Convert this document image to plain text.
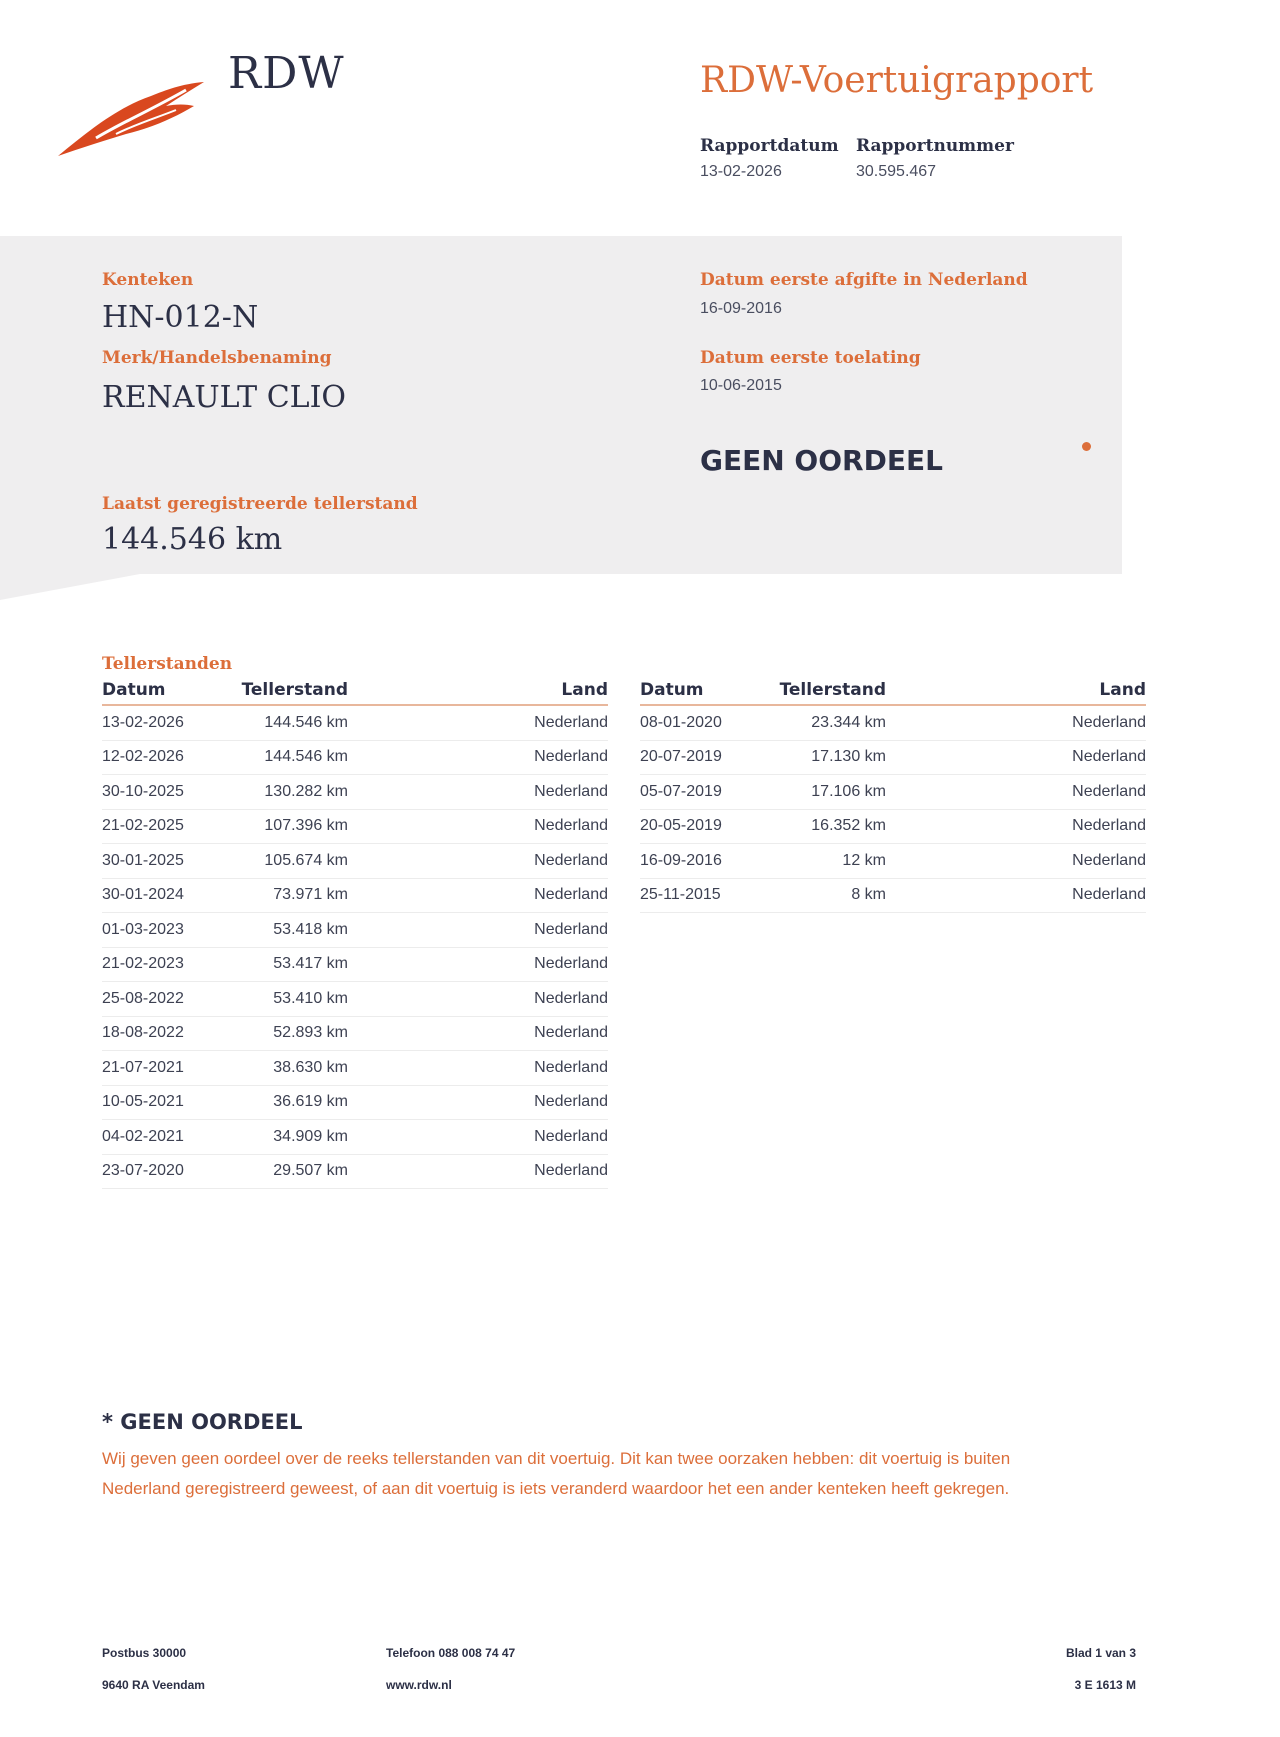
RDW	RDW-Voertuigrapport
Rapportdatum
13-02-2026
Rapportnummer
30.595.467
Kenteken
HN-012-N
Merk/Handelsbenaming
RENAULT CLIO
Datum eerste afgifte in Nederland
16-09-2016
Datum eerste toelating
10-06-2015
GEEN OORDEEL
Laatst geregistreerde tellerstand
144.546 km
Tellerstanden
Datum	Tellerstand	Land
13-02-2026	144.546 km	Nederland
12-02-2026	144.546 km	Nederland
30-10-2025	130.282 km	Nederland
21-02-2025	107.396 km	Nederland
30-01-2025	105.674 km	Nederland
30-01-2024	73.971 km	Nederland
01-03-2023	53.418 km	Nederland
21-02-2023	53.417 km	Nederland
25-08-2022	53.410 km	Nederland
18-08-2022	52.893 km	Nederland
21-07-2021	38.630 km	Nederland
10-05-2021	36.619 km	Nederland
04-02-2021	34.909 km	Nederland
23-07-2020	29.507 km	Nederland
Datum	Tellerstand	Land
08-01-2020	23.344 km	Nederland
20-07-2019	17.130 km	Nederland
05-07-2019	17.106 km	Nederland
20-05-2019	16.352 km	Nederland
16-09-2016	12 km	Nederland
25-11-2015	8 km	Nederland
* GEEN OORDEEL
Wij geven geen oordeel over de reeks tellerstanden van dit voertuig. Dit kan twee oorzaken hebben: dit voertuig is buiten Nederland geregistreerd geweest, of aan dit voertuig is iets veranderd waardoor het een ander kenteken heeft gekregen.
Postbus 30000
9640 RA Veendam
Telefoon 088 008 74 47
www.rdw.nl
Blad 1 van 3
3 E 1613 M
